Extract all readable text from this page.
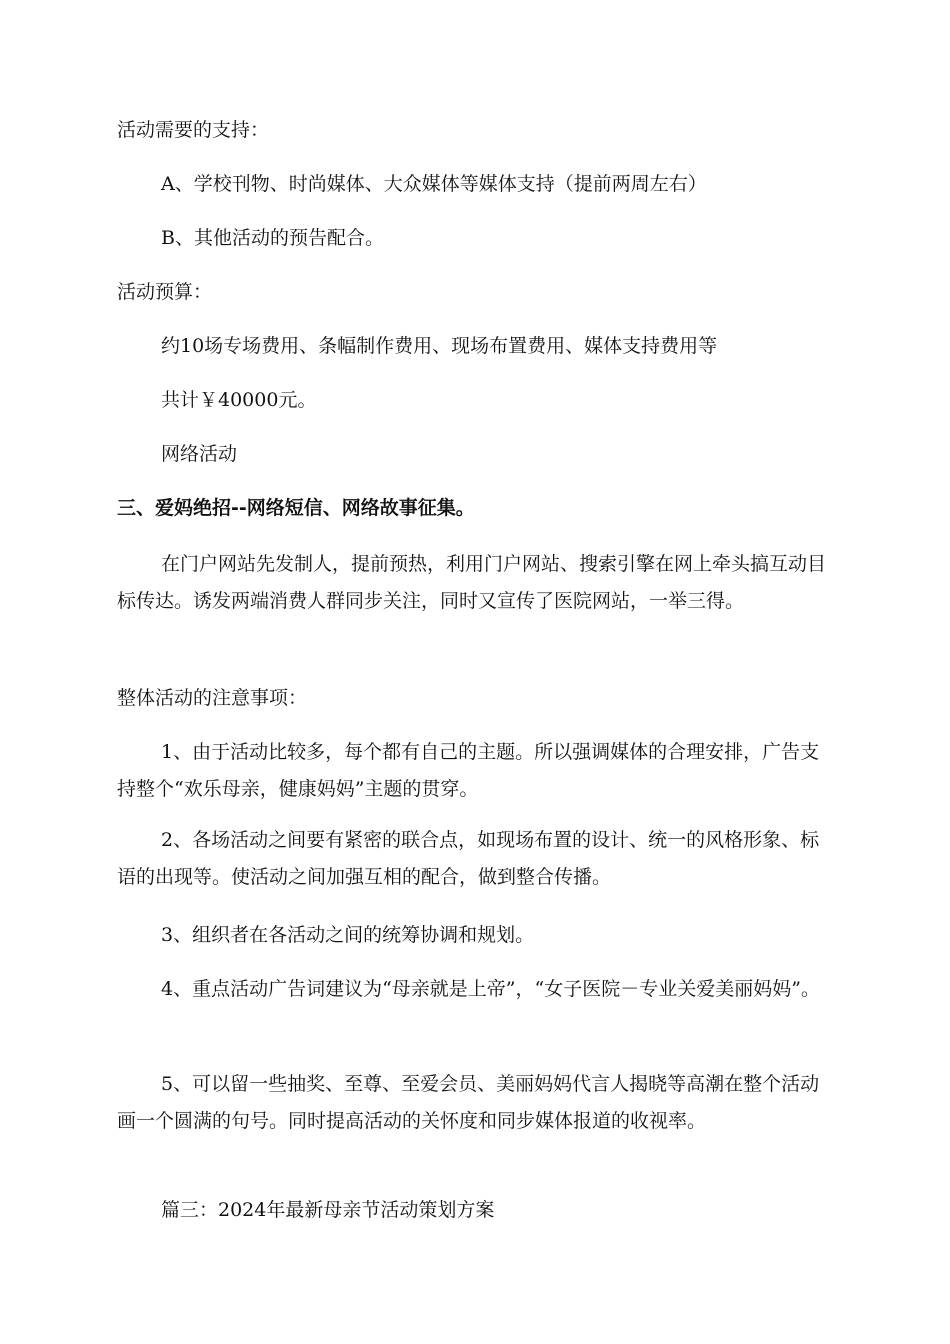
活动需要的支持：

A、学校刊物、时尚媒体、大众媒体等媒体支持（提前两周左右）

B、其他活动的预告配合。

活动预算：

约10场专场费用、条幅制作费用、现场布置费用、媒体支持费用等

共计￥40000元。

网络活动

三、爱妈绝招--网络短信、网络故事征集。

在门户网站先发制人，提前预热，利用门户网站、搜索引擎在网上牵头搞互动目标传达。诱发两端消费人群同步关注，同时又宣传了医院网站，一举三得。

整体活动的注意事项：

1、由于活动比较多，每个都有自己的主题。所以强调媒体的合理安排，广告支持整个“欢乐母亲，健康妈妈”主题的贯穿。

2、各场活动之间要有紧密的联合点，如现场布置的设计、统一的风格形象、标语的出现等。使活动之间加强互相的配合，做到整合传播。

3、组织者在各活动之间的统筹协调和规划。

4、重点活动广告词建议为“母亲就是上帝”，“女子医院－专业关爱美丽妈妈”。

5、可以留一些抽奖、至尊、至爱会员、美丽妈妈代言人揭晓等高潮在整个活动画一个圆满的句号。同时提高活动的关怀度和同步媒体报道的收视率。

篇三：2024年最新母亲节活动策划方案
